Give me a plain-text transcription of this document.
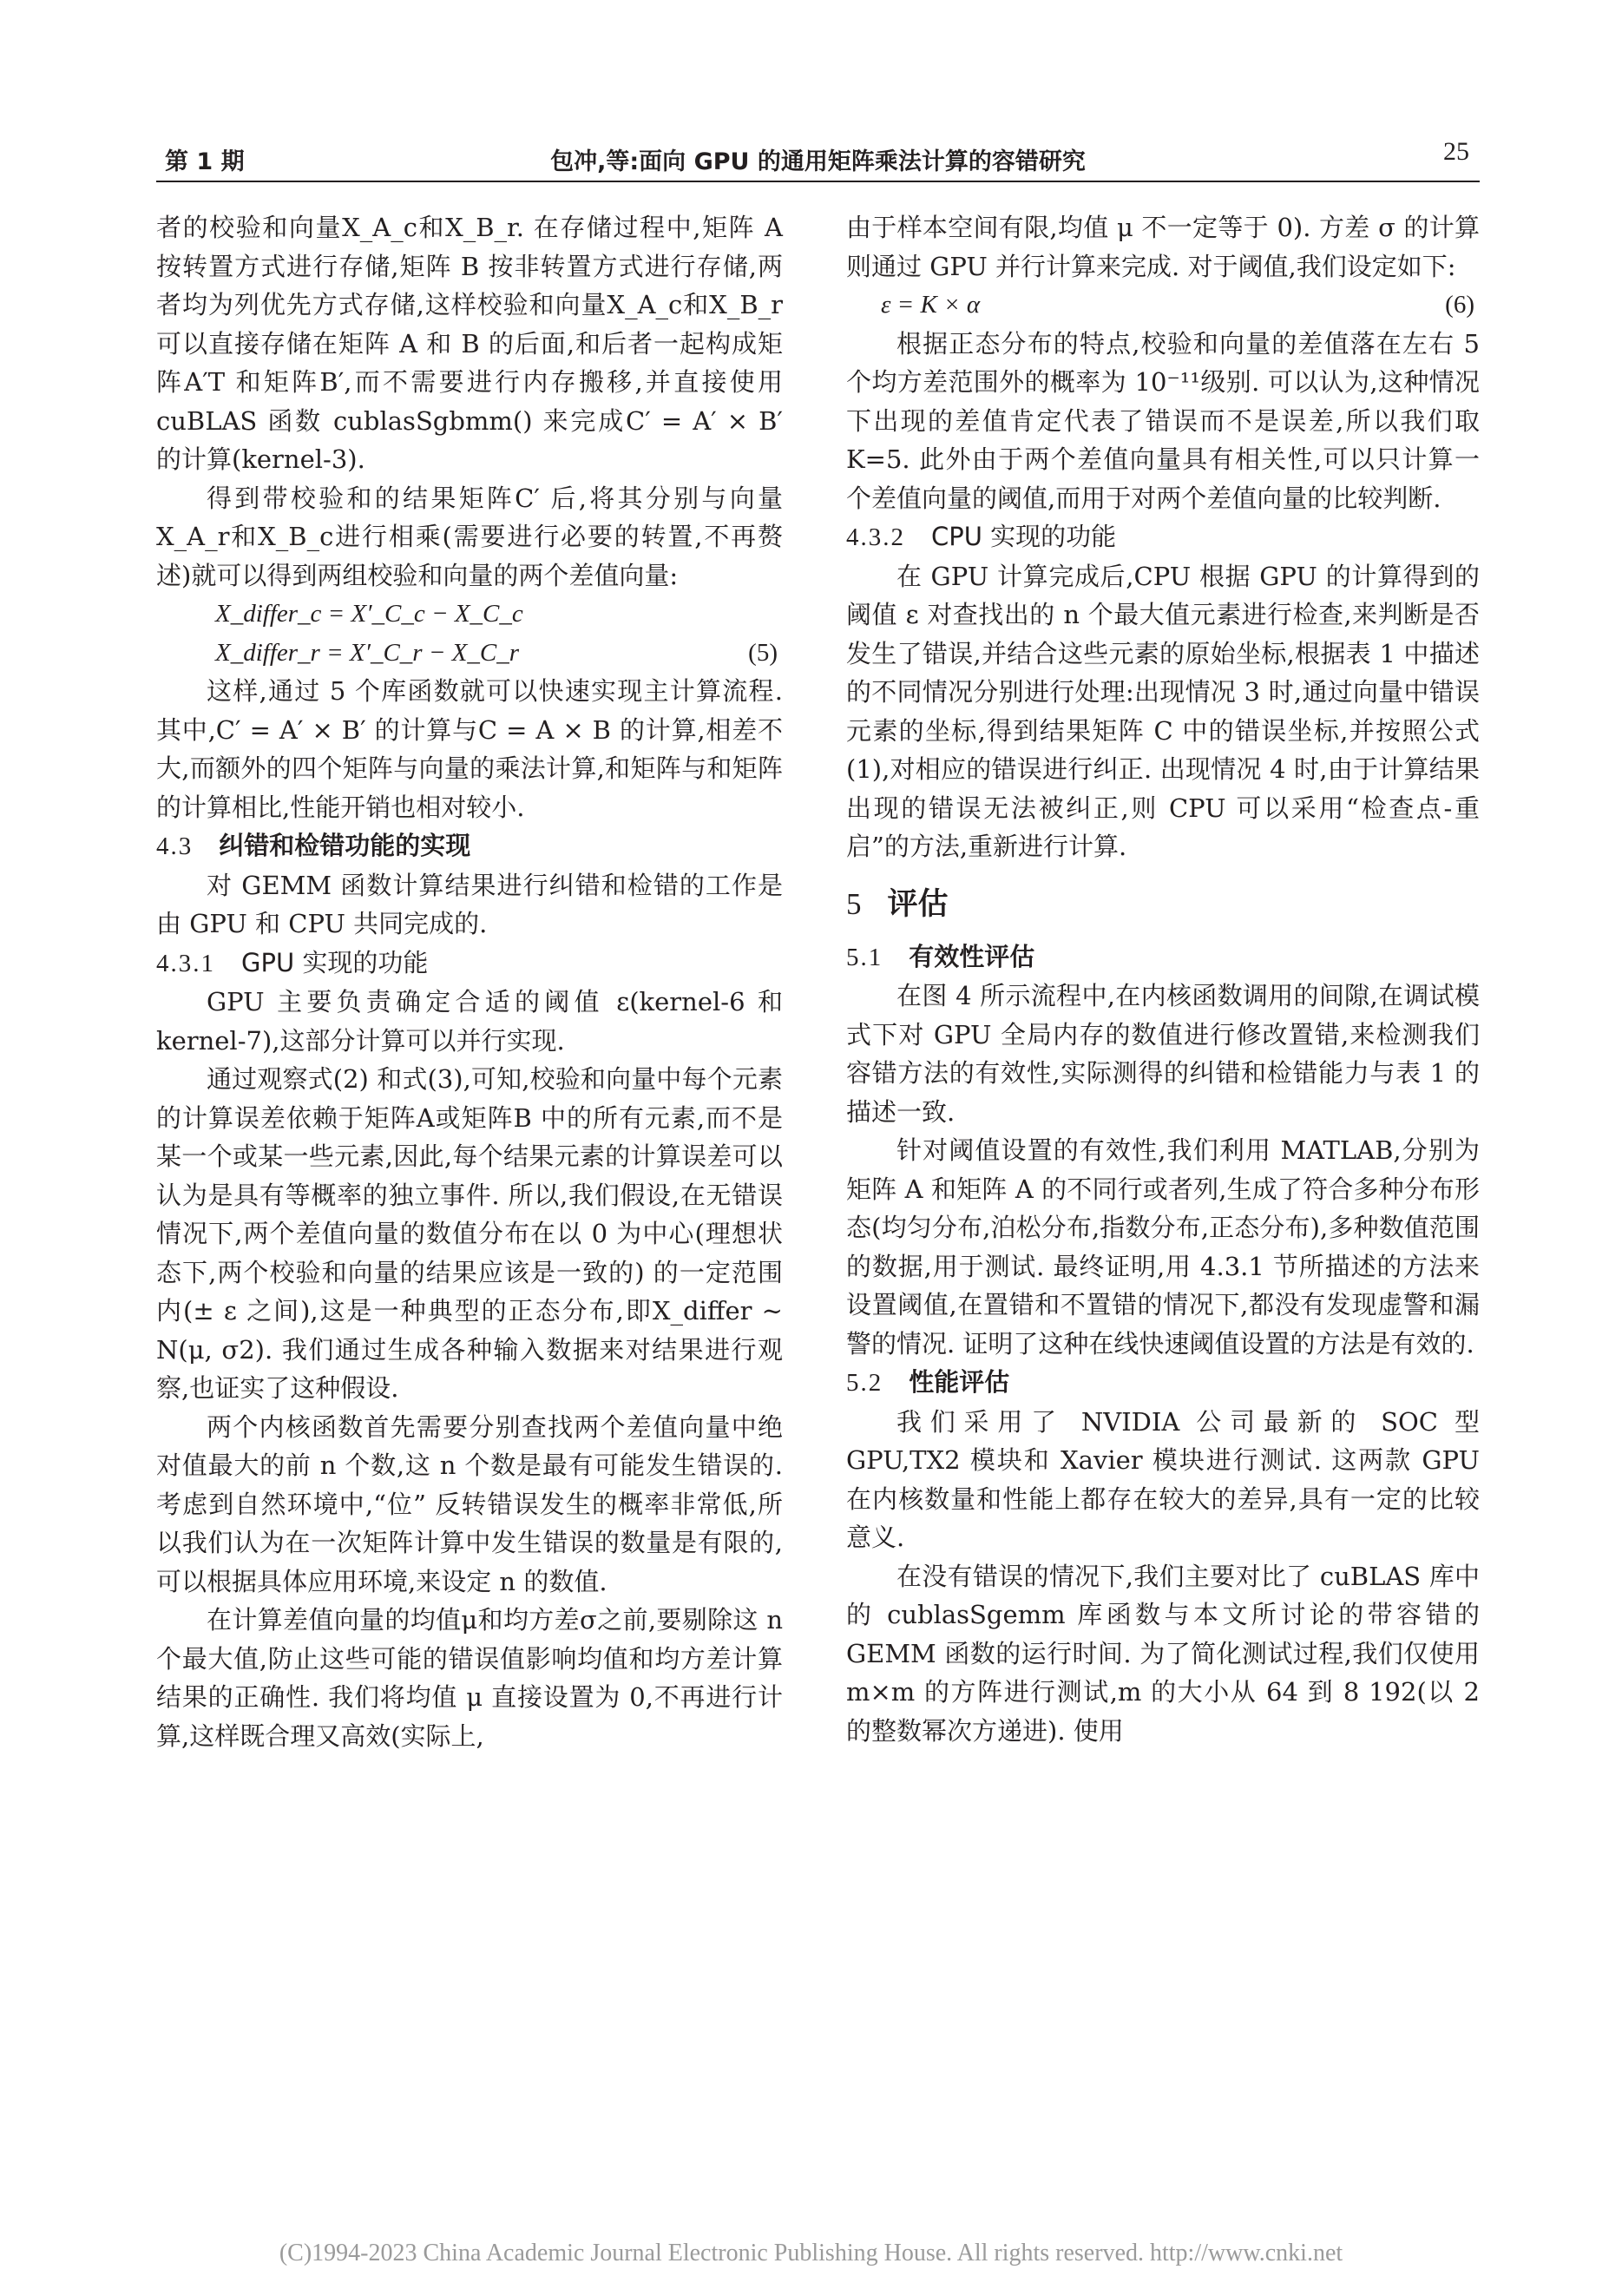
第 1 期	包冲,等:面向 GPU 的通用矩阵乘法计算的容错研究	25

者的校验和向量X_A_c和X_B_r. 在存储过程中,矩阵 A 按转置方式进行存储,矩阵 B 按非转置方式进行存储,两者均为列优先方式存储,这样校验和向量X_A_c和X_B_r可以直接存储在矩阵 A 和 B 的后面,和后者一起构成矩阵A′T 和矩阵B′,而不需要进行内存搬移,并直接使用 cuBLAS 函数 cublasSgbmm() 来完成C′ = A′ × B′ 的计算(kernel-3).

得到带校验和的结果矩阵C′ 后,将其分别与向量X_A_r和X_B_c进行相乘(需要进行必要的转置,不再赘述)就可以得到两组校验和向量的两个差值向量:

X_differ_c = X′_C_c − X_C_c
X_differ_r = X′_C_r − X_C_r	(5)

这样,通过 5 个库函数就可以快速实现主计算流程. 其中,C′ = A′ × B′ 的计算与C = A × B 的计算,相差不大,而额外的四个矩阵与向量的乘法计算,和矩阵与和矩阵的计算相比,性能开销也相对较小.

4.3 纠错和检错功能的实现

对 GEMM 函数计算结果进行纠错和检错的工作是由 GPU 和 CPU 共同完成的.

4.3.1 GPU 实现的功能

GPU 主要负责确定合适的阈值 ε(kernel-6 和 kernel-7),这部分计算可以并行实现.

通过观察式(2) 和式(3),可知,校验和向量中每个元素的计算误差依赖于矩阵A或矩阵B 中的所有元素,而不是某一个或某一些元素,因此,每个结果元素的计算误差可以认为是具有等概率的独立事件. 所以,我们假设,在无错误情况下,两个差值向量的数值分布在以 0 为中心(理想状态下,两个校验和向量的结果应该是一致的) 的一定范围内(± ε 之间),这是一种典型的正态分布,即X_differ ∼ N(μ, σ2). 我们通过生成各种输入数据来对结果进行观察,也证实了这种假设.

两个内核函数首先需要分别查找两个差值向量中绝对值最大的前 n 个数,这 n 个数是最有可能发生错误的. 考虑到自然环境中,“位” 反转错误发生的概率非常低,所以我们认为在一次矩阵计算中发生错误的数量是有限的,可以根据具体应用环境,来设定 n 的数值.

在计算差值向量的均值μ和均方差σ之前,要剔除这 n 个最大值,防止这些可能的错误值影响均值和均方差计算结果的正确性. 我们将均值 μ 直接设置为 0,不再进行计算,这样既合理又高效(实际上,

由于样本空间有限,均值 μ 不一定等于 0). 方差 σ 的计算则通过 GPU 并行计算来完成. 对于阈值,我们设定如下:

ε = K × α	(6)

根据正态分布的特点,校验和向量的差值落在左右 5 个均方差范围外的概率为 10⁻¹¹级别. 可以认为,这种情况下出现的差值肯定代表了错误而不是误差,所以我们取 K=5. 此外由于两个差值向量具有相关性,可以只计算一个差值向量的阈值,而用于对两个差值向量的比较判断.

4.3.2 CPU 实现的功能

在 GPU 计算完成后,CPU 根据 GPU 的计算得到的阈值 ε 对查找出的 n 个最大值元素进行检查,来判断是否发生了错误,并结合这些元素的原始坐标,根据表 1 中描述的不同情况分别进行处理:出现情况 3 时,通过向量中错误元素的坐标,得到结果矩阵 C 中的错误坐标,并按照公式(1),对相应的错误进行纠正. 出现情况 4 时,由于计算结果出现的错误无法被纠正,则 CPU 可以采用“检查点-重启”的方法,重新进行计算.

5 评估
5.1 有效性评估

在图 4 所示流程中,在内核函数调用的间隙,在调试模式下对 GPU 全局内存的数值进行修改置错,来检测我们容错方法的有效性,实际测得的纠错和检错能力与表 1 的描述一致.

针对阈值设置的有效性,我们利用 MATLAB,分别为矩阵 A 和矩阵 A 的不同行或者列,生成了符合多种分布形态(均匀分布,泊松分布,指数分布,正态分布),多种数值范围的数据,用于测试. 最终证明,用 4.3.1 节所描述的方法来设置阈值,在置错和不置错的情况下,都没有发现虚警和漏警的情况. 证明了这种在线快速阈值设置的方法是有效的.

5.2 性能评估

我们采用了 NVIDIA 公司最新的 SOC 型 GPU,TX2 模块和 Xavier 模块进行测试. 这两款 GPU 在内核数量和性能上都存在较大的差异,具有一定的比较意义.

在没有错误的情况下,我们主要对比了 cuBLAS 库中的 cublasSgemm 库函数与本文所讨论的带容错的 GEMM 函数的运行时间. 为了简化测试过程,我们仅使用 m×m 的方阵进行测试,m 的大小从 64 到 8 192(以 2 的整数幂次方递进). 使用

(C)1994-2023 China Academic Journal Electronic Publishing House. All rights reserved. http://www.cnki.net
